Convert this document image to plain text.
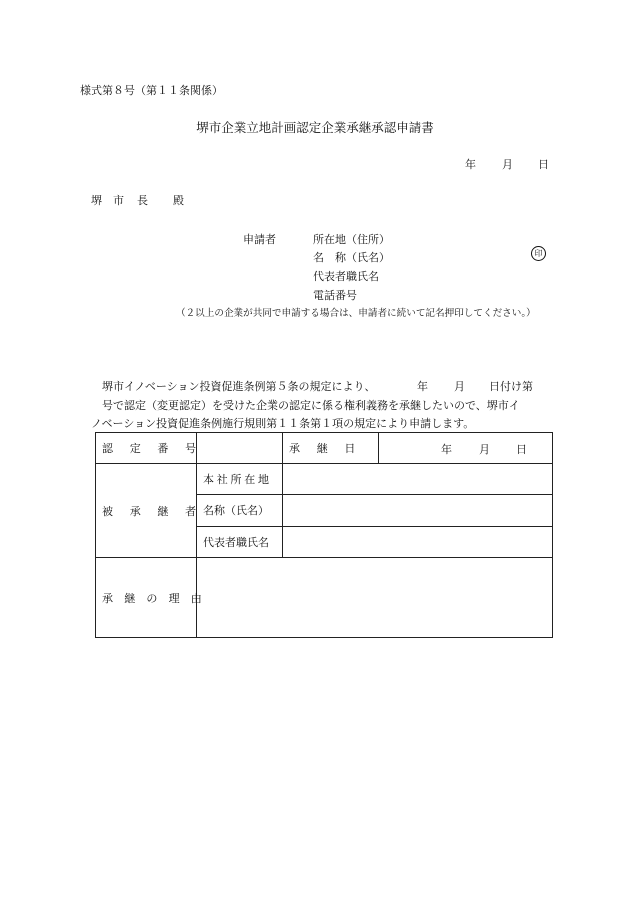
様式第８号（第１１条関係）
堺市企業立地計画認定企業承継承認申請書
年 月 日
堺 市 長 殿
申請者	所在地（住所）
名　称（氏名）	印
代表者職氏名
電話番号
（２以上の企業が共同で申請する場合は、申請者に続いて記名押印してください。）
堺市イノベーション投資促進条例第５条の規定により、	年 月 日付け第
号で認定（変更認定）を受けた企業の認定に係る権利義務を承継したいので、堺市イ
ノベーション投資促進条例施行規則第１１条第１項の規定により申請します。
認 定 番 号		承 継 日	年 月 日

被 承 継 者	本社所在地		
	名称（氏名）		
	代表者職氏名		
承 継 の 理 由			
